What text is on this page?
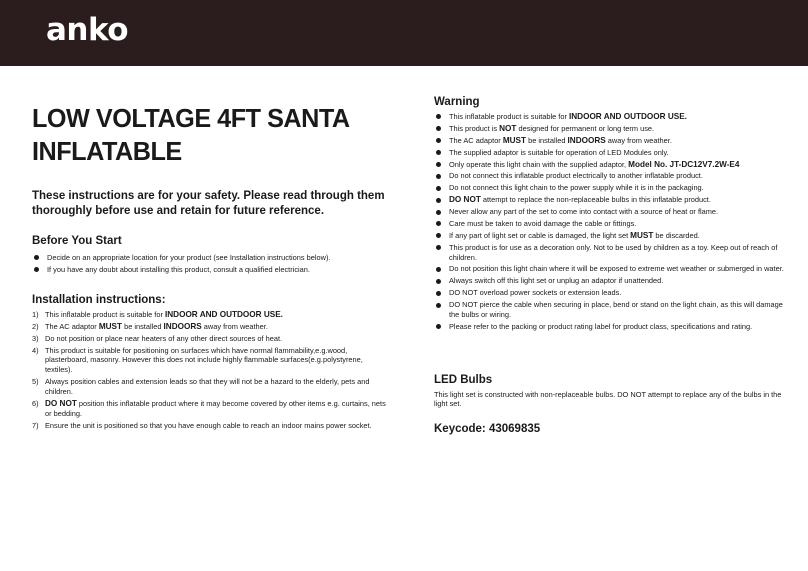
anko
LOW VOLTAGE 4FT SANTA INFLATABLE

These instructions are for your safety. Please read through them thoroughly before use and retain for future reference.

Before You Start
Decide on an appropriate location for your product (see Installation instructions below).
If you have any doubt about installing this product, consult a qualified electrician.
Installation instructions:
1) This inflatable product is suitable for INDOOR AND OUTDOOR USE.
2) The AC adaptor MUST be installed INDOORS away from weather.
3) Do not position or place near heaters of any other direct sources of heat.
4) This product is suitable for positioning on surfaces which have normal flammability,e.g.wood, plasterboard, masonry. However this does not include highly flammable surfaces(e.g.polystyrene, textiles).
5) Always position cables and extension leads so that they will not be a hazard to the elderly, pets and children.
6) DO NOT position this inflatable product where it may become covered by other items e.g. curtains, nets or bedding.
7) Ensure the unit is positioned so that you have enough cable to reach an indoor mains power socket.
Warning
This inflatable product is suitable for INDOOR AND OUTDOOR USE.
This product is NOT designed for permanent or long term use.
The AC adaptor MUST be installed INDOORS away from weather.
The supplied adaptor is suitable for operation of LED Modules only.
Only operate this light chain with the supplied adaptor, Model No. JT-DC12V7.2W-E4
Do not connect this inflatable product electrically to another inflatable product.
Do not connect this light chain to the power supply while it is in the packaging.
DO NOT attempt to replace the non-replaceable bulbs in this inflatable product.
Never allow any part of the set to come into contact with a source of heat or flame.
Care must be taken to avoid damage the cable or fittings.
If any part of light set or cable is damaged, the light set MUST be discarded.
This product is for use as a decoration only. Not to be used by children as a toy. Keep out of reach of children.
Do not position this light chain where it will be exposed to extreme wet weather or submerged in water.
Always switch off this light set or unplug an adaptor if unattended.
DO NOT overload power sockets or extension leads.
DO NOT pierce the cable when securing in place, bend or stand on the light chain, as this will damage the bulbs or wiring.
Please refer to the packing or product rating label for product class, specifications and rating.
LED Bulbs

This light set is constructed with non-replaceable bulbs. DO NOT attempt to replace any of the bulbs in the light set.

Keycode: 43069835
